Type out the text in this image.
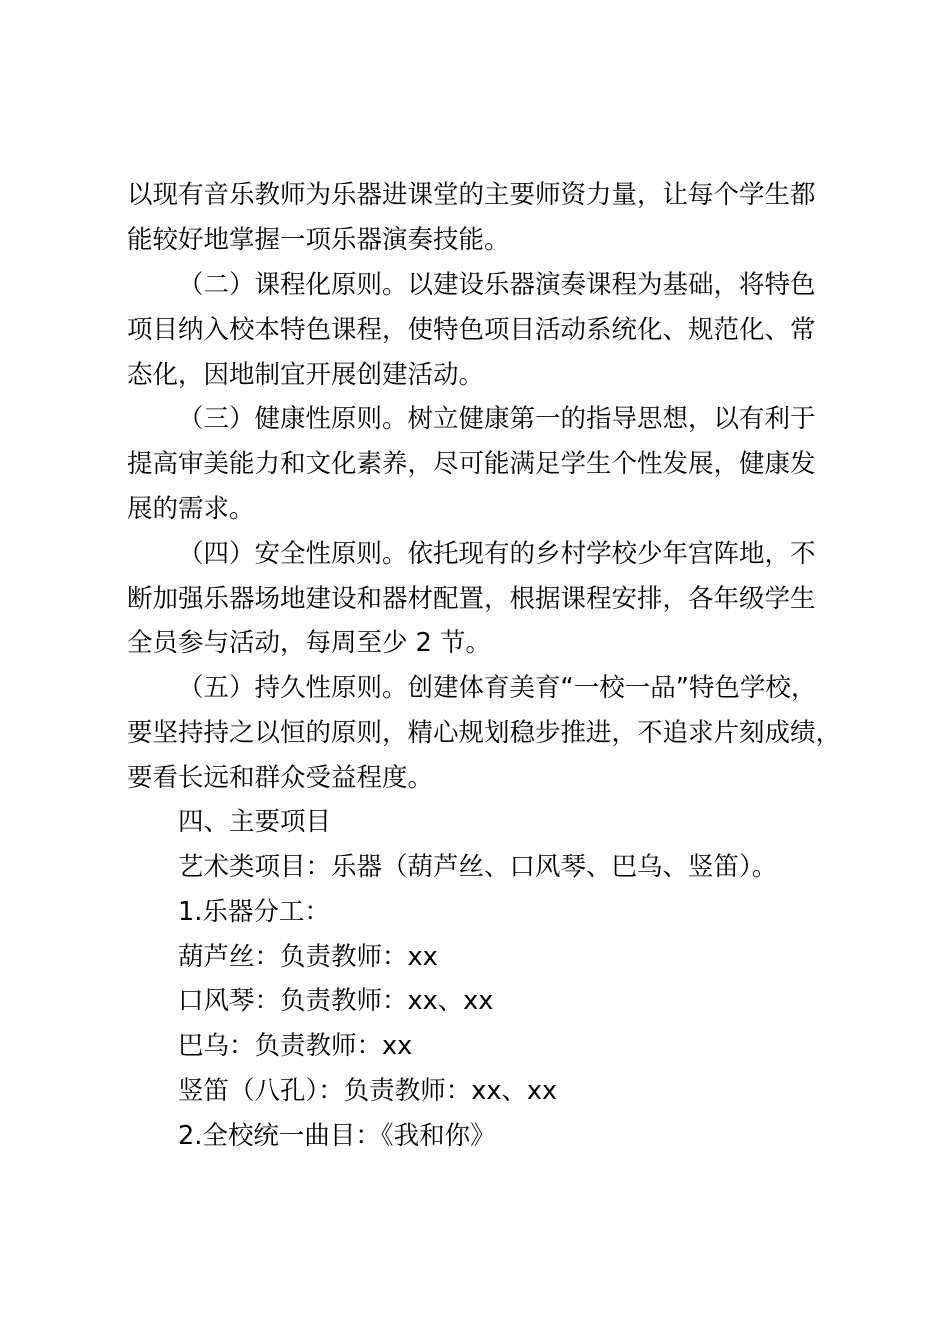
以现有音乐教师为乐器进课堂的主要师资力量，让每个学生都
能较好地掌握一项乐器演奏技能。
（二）课程化原则。以建设乐器演奏课程为基础，将特色
项目纳入校本特色课程，使特色项目活动系统化、规范化、常
态化，因地制宜开展创建活动。
（三）健康性原则。树立健康第一的指导思想，以有利于
提高审美能力和文化素养，尽可能满足学生个性发展，健康发
展的需求。
（四）安全性原则。依托现有的乡村学校少年宫阵地，不
断加强乐器场地建设和器材配置，根据课程安排，各年级学生
全员参与活动，每周至少 2 节。
（五）持久性原则。创建体育美育“一校一品”特色学校，
要坚持持之以恒的原则，精心规划稳步推进，不追求片刻成绩，
要看长远和群众受益程度。
四、主要项目
艺术类项目：乐器（葫芦丝、口风琴、巴乌、竖笛）。
1.乐器分工：
葫芦丝：负责教师：xx
口风琴：负责教师：xx、xx
巴乌：负责教师：xx
竖笛（八孔）：负责教师：xx、xx
2.全校统一曲目：《我和你》
